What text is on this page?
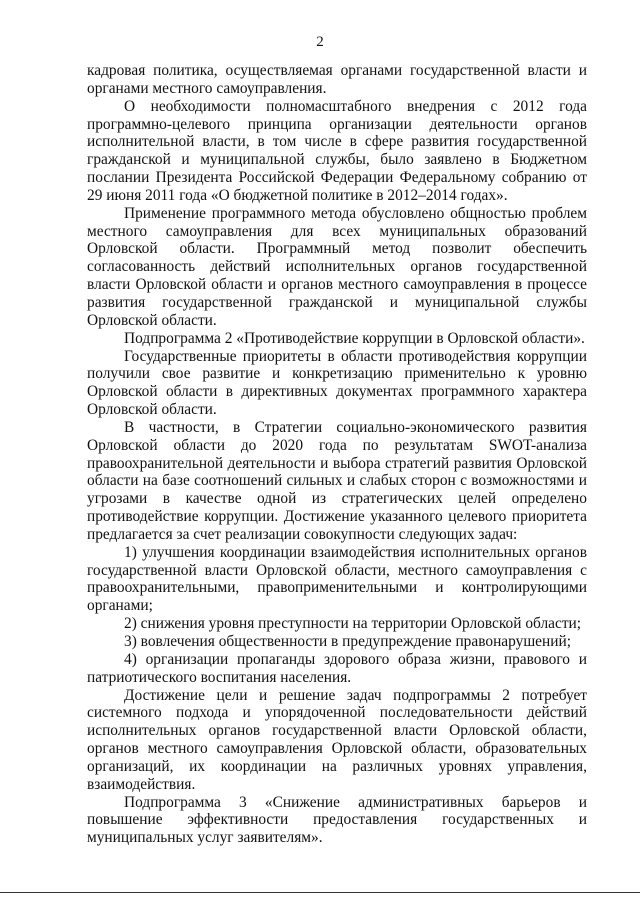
2

кадровая политика, осуществляемая органами государственной власти и органами местного самоуправления.

О необходимости полномасштабного внедрения с 2012 года программно-целевого принципа организации деятельности органов исполнительной власти, в том числе в сфере развития государственной гражданской и муниципальной службы, было заявлено в Бюджетном послании Президента Российской Федерации Федеральному собранию от 29 июня 2011 года «О бюджетной политике в 2012–2014 годах».

Применение программного метода обусловлено общностью проблем местного самоуправления для всех муниципальных образований Орловской области. Программный метод позволит обеспечить согласованность действий исполнительных органов государственной власти Орловской области и органов местного самоуправления в процессе развития государственной гражданской и муниципальной службы Орловской области.

Подпрограмма 2 «Противодействие коррупции в Орловской области».

Государственные приоритеты в области противодействия коррупции получили свое развитие и конкретизацию применительно к уровню Орловской области в директивных документах программного характера Орловской области.

В частности, в Стратегии социально-экономического развития Орловской области до 2020 года по результатам SWOT-анализа правоохранительной деятельности и выбора стратегий развития Орловской области на базе соотношений сильных и слабых сторон с возможностями и угрозами в качестве одной из стратегических целей определено противодействие коррупции. Достижение указанного целевого приоритета предлагается за счет реализации совокупности следующих задач:

1) улучшения координации взаимодействия исполнительных органов государственной власти Орловской области, местного самоуправления с правоохранительными, правоприменительными и контролирующими органами;

2) снижения уровня преступности на территории Орловской области;

3) вовлечения общественности в предупреждение правонарушений;

4) организации пропаганды здорового образа жизни, правового и патриотического воспитания населения.

Достижение цели и решение задач подпрограммы 2 потребует системного подхода и упорядоченной последовательности действий исполнительных органов государственной власти Орловской области, органов местного самоуправления Орловской области, образовательных организаций, их координации на различных уровнях управления, взаимодействия.

Подпрограмма 3 «Снижение административных барьеров и повышение эффективности предоставления государственных и муниципальных услуг заявителям».
